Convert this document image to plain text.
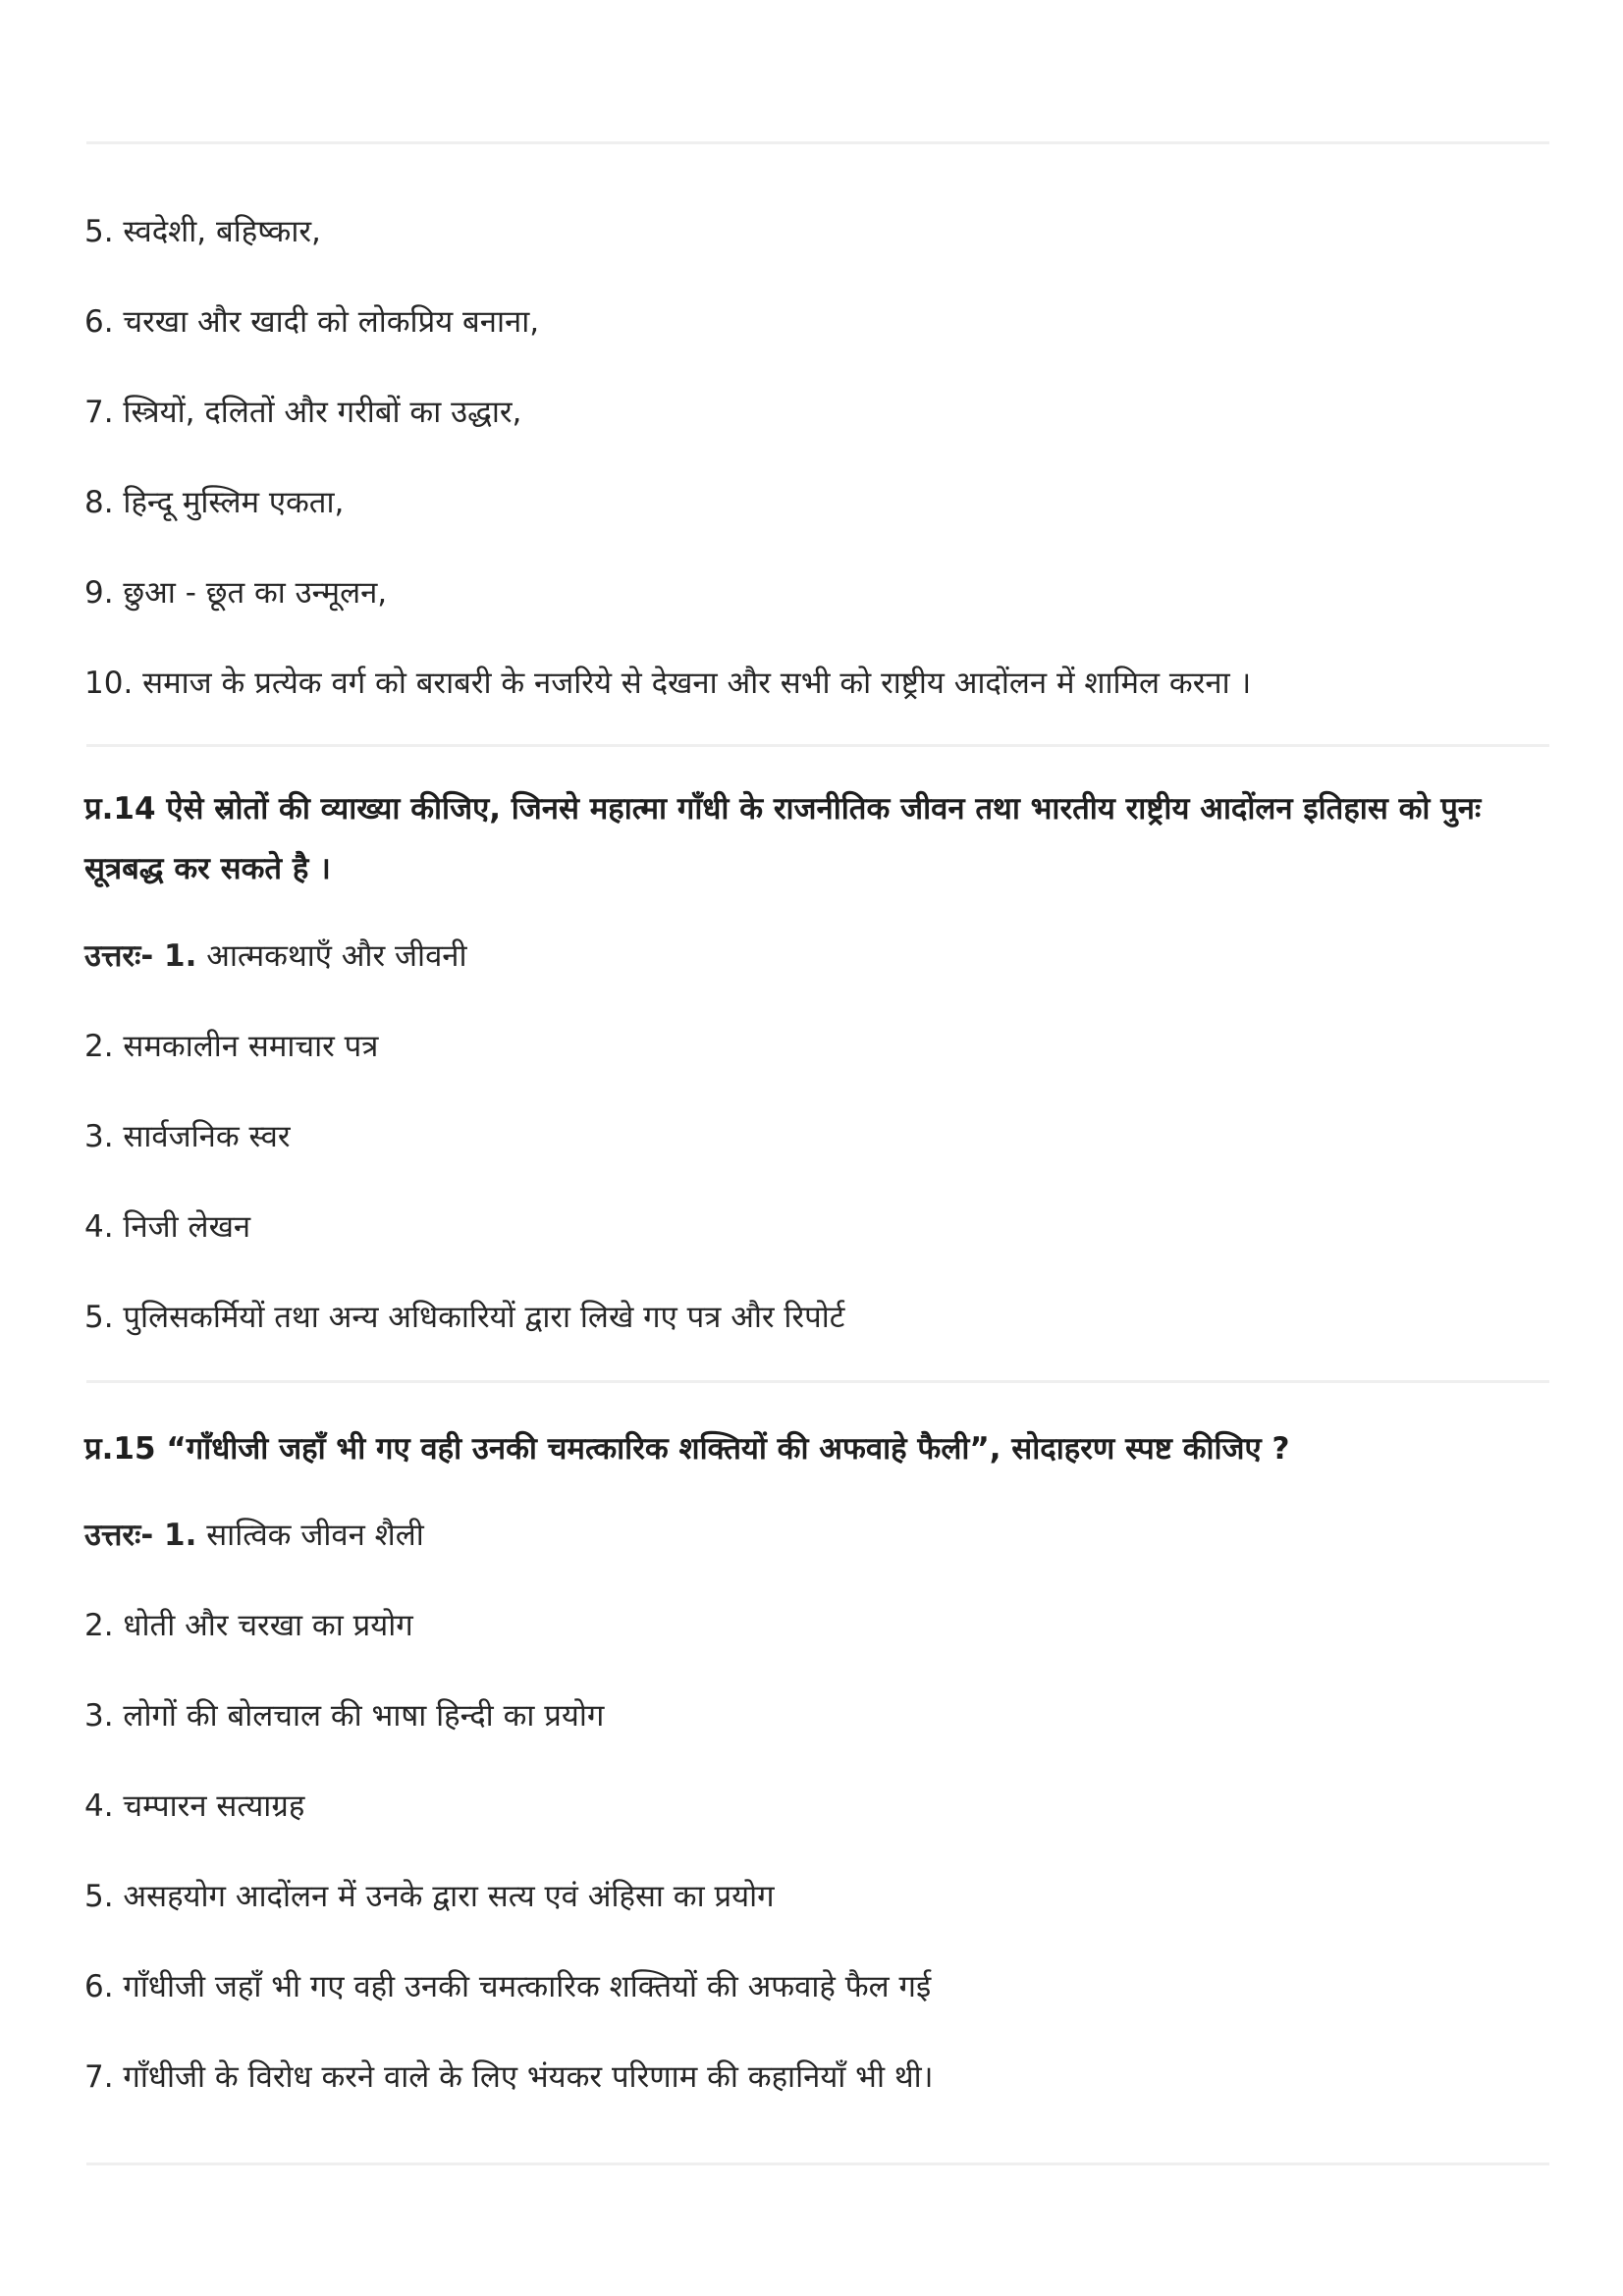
5. स्वदेशी, बहिष्कार,
6. चरखा और खादी को लोकप्रिय बनाना,
7. स्त्रियों, दलितों और गरीबों का उद्धार,
8. हिन्दू मुस्लिम एकता,
9. छुआ - छूत का उन्मूलन,
10. समाज के प्रत्येक वर्ग को बराबरी के नजरिये से देखना और सभी को राष्ट्रीय आदोंलन में शामिल करना ।
प्र.14 ऐसे स्रोतों की व्याख्या कीजिए, जिनसे महात्मा गाँधी के राजनीतिक जीवन तथा भारतीय राष्ट्रीय आदोंलन इतिहास को पुनः
सूत्रबद्ध कर सकते है ।
उत्तरः- 1. आत्मकथाएँ और जीवनी
2. समकालीन समाचार पत्र
3. सार्वजनिक स्वर
4. निजी लेखन
5. पुलिसकर्मियों तथा अन्य अधिकारियों द्वारा लिखे गए पत्र और रिपोर्ट
प्र.15 “गाँधीजी जहाँ भी गए वही उनकी चमत्कारिक शक्तियों की अफवाहे फैली”, सोदाहरण स्पष्ट कीजिए ?
उत्तरः- 1. सात्विक जीवन शैली
2. धोती और चरखा का प्रयोग
3. लोगों की बोलचाल की भाषा हिन्दी का प्रयोग
4. चम्पारन सत्याग्रह
5. असहयोग आदोंलन में उनके द्वारा सत्य एवं अंहिसा का प्रयोग
6. गाँधीजी जहाँ भी गए वही उनकी चमत्कारिक शक्तियों की अफवाहे फैल गई
7. गाँधीजी के विरोध करने वाले के लिए भंयकर परिणाम की कहानियाँ भी थी।
